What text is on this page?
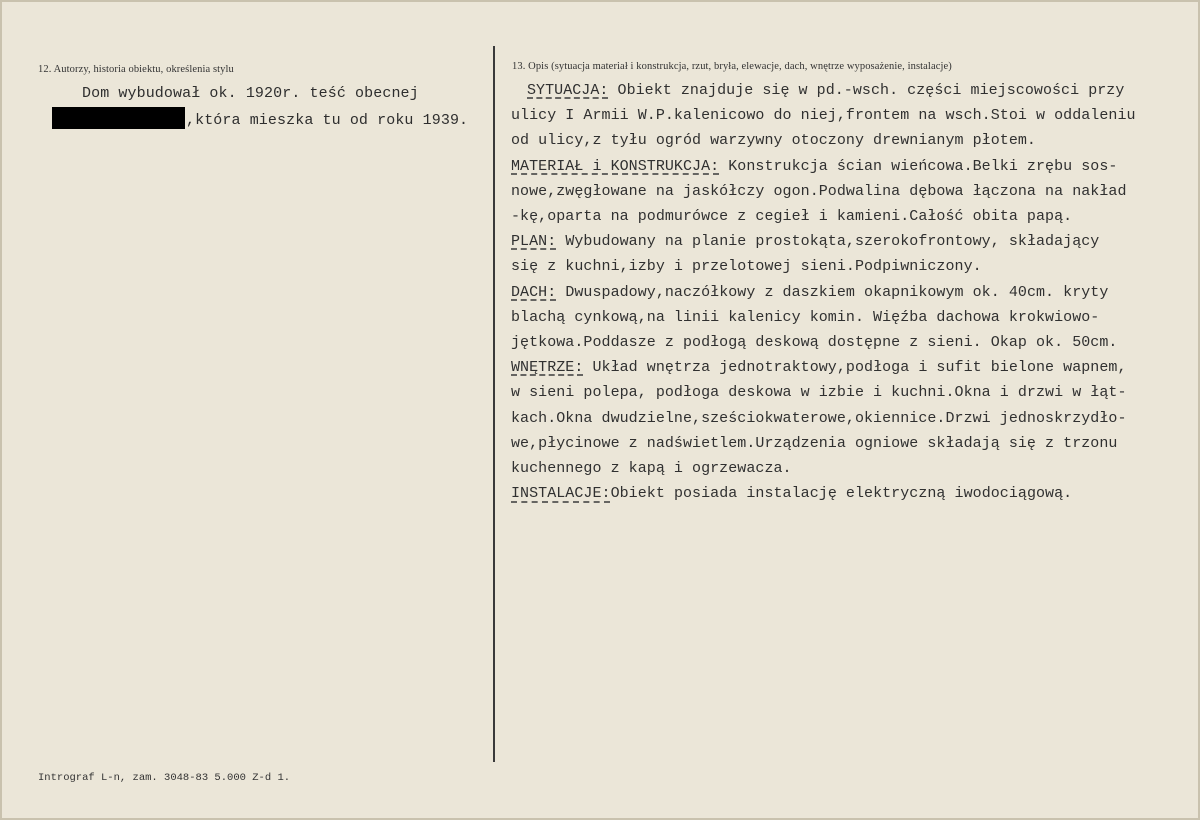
12. Autorzy, historia obiektu, określenia stylu
Dom wybudował ok. 1920r. teść obecnej
,która mieszka tu od roku 1939.
13. Opis (sytuacja materiał i konstrukcja, rzut, bryła, elewacje, dach, wnętrze wyposażenie, instalacje)
SYTUACJA: Obiekt znajduje się w pd.-wsch. części miejscowości przy
ulicy I Armii W.P.kalenicowo do niej,frontem na wsch.Stoi w oddaleniu
od ulicy,z tyłu ogród warzywny otoczony drewnianym płotem.
MATERIAŁ i KONSTRUKCJA: Konstrukcja ścian wieńcowa.Belki zrębu sos-
nowe,zwęgłowane na jaskółczy ogon.Podwalina dębowa łączona na nakład
-kę,oparta na podmurówce z cegieł i kamieni.Całość obita papą.
PLAN: Wybudowany na planie prostokąta,szerokofrontowy, składający
się z kuchni,izby i przelotowej sieni.Podpiwniczony.
DACH: Dwuspadowy,naczółkowy z daszkiem okapnikowym ok. 40cm. kryty
blachą cynkową,na linii kalenicy komin. Więźba dachowa krokwiowo-
jętkowa.Poddasze z podłogą deskową dostępne z sieni. Okap ok. 50cm.
WNĘTRZE: Układ wnętrza jednotraktowy,podłoga i sufit bielone wapnem,
w sieni polepa, podłoga deskowa w izbie i kuchni.Okna i drzwi w łąt-
kach.Okna dwudzielne,sześciokwaterowe,okiennice.Drzwi jednoskrzydło-
we,płycinowe z nadświetlem.Urządzenia ogniowe składają się z trzonu
kuchennego z kapą i ogrzewacza.
INSTALACJE:Obiekt posiada instalację elektryczną iwodociągową.
Intrograf L-n, zam. 3048-83 5.000 Z-d 1.
